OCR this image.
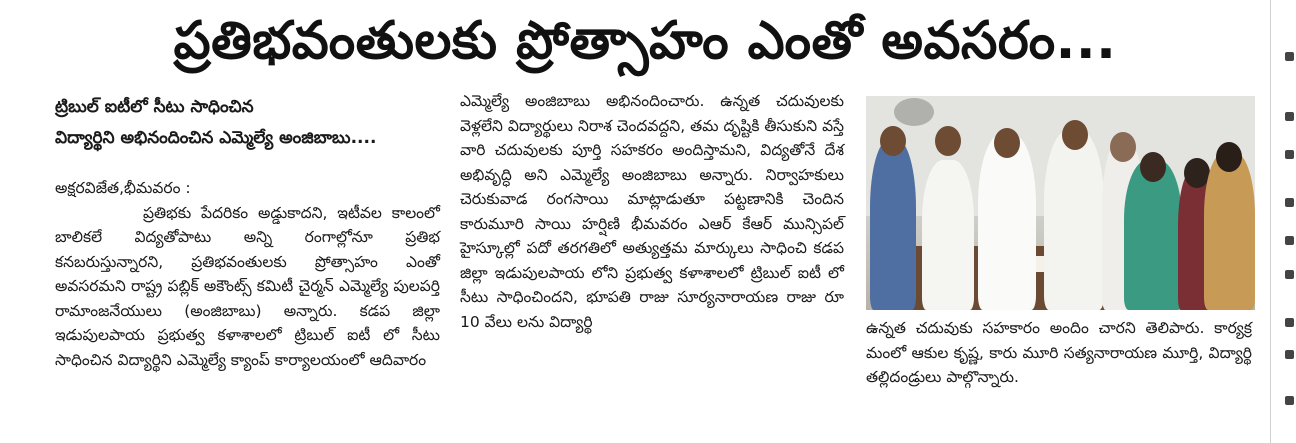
ప్రతిభవంతులకు ప్రోత్సాహం ఎంతో అవసరం...

ట్రిబుల్ ఐటీలో సీటు సాధించిన

విద్యార్థిని అభినందించిన ఎమ్మెల్యే అంజిబాబు....

అక్షరవిజేత,భీమవరం :

ప్రతిభకు పేదరికం అడ్డుకాదని, ఇటీవల కాలంలో బాలికలే విద్యతోపాటు అన్ని రంగాల్లోనూ ప్రతిభ కనబరుస్తున్నారని, ప్రతిభవంతులకు ప్రోత్సాహం ఎంతో అవసరమని రాష్ట్ర పబ్లిక్ అకౌంట్స్ కమిటీ చైర్మన్ ఎమ్మెల్యే పులపర్తి రామాంజనేయులు (అంజిబాబు) అన్నారు. కడప జిల్లా ఇడుపులపాయ ప్రభుత్వ కళాశాలలో ట్రిబుల్ ఐటీ లో సీటు సాధించిన విద్యార్థిని ఎమ్మెల్యే క్యాంప్ కార్యాలయంలో ఆదివారం

ఎమ్మెల్యే అంజిబాబు అభినందించారు. ఉన్నత చదువులకు వెళ్లలేని విద్యార్థులు నిరాశ చెందవద్దని, తమ దృష్టికి తీసుకుని వస్తే వారి చదువులకు పూర్తి సహకరం అందిస్తామని, విద్యతోనే దేశ అభివృద్ధి అని ఎమ్మెల్యే అంజిబాబు అన్నారు. నిర్వాహకులు చెరుకువాడ రంగసాయి మాట్లాడుతూ పట్టణానికి చెందిన కారుమూరి సాయి హర్షిణి భీమవరం ఎఆర్ కేఆర్ మున్సిపల్ హైస్కూల్లో పదో తరగతిలో అత్యుత్తమ మార్కులు సాధించి కడప జిల్లా ఇడుపులపాయ లోని ప్రభుత్వ కళాశాలలో ట్రిబుల్ ఐటీ లో సీటు సాధించిందని, భూపతి రాజు సూర్యనారాయణ రాజు రూ 10 వేలు లను విద్యార్థి	ఉన్నత చదువుకు సహకారం అందిం చారని తెలిపారు. కార్యక్ర మంలో ఆకుల కృష్ణ, కారు మూరి సత్యనారాయణ మూర్తి, విద్యార్థి తల్లిదండ్రులు పాల్గొన్నారు.
